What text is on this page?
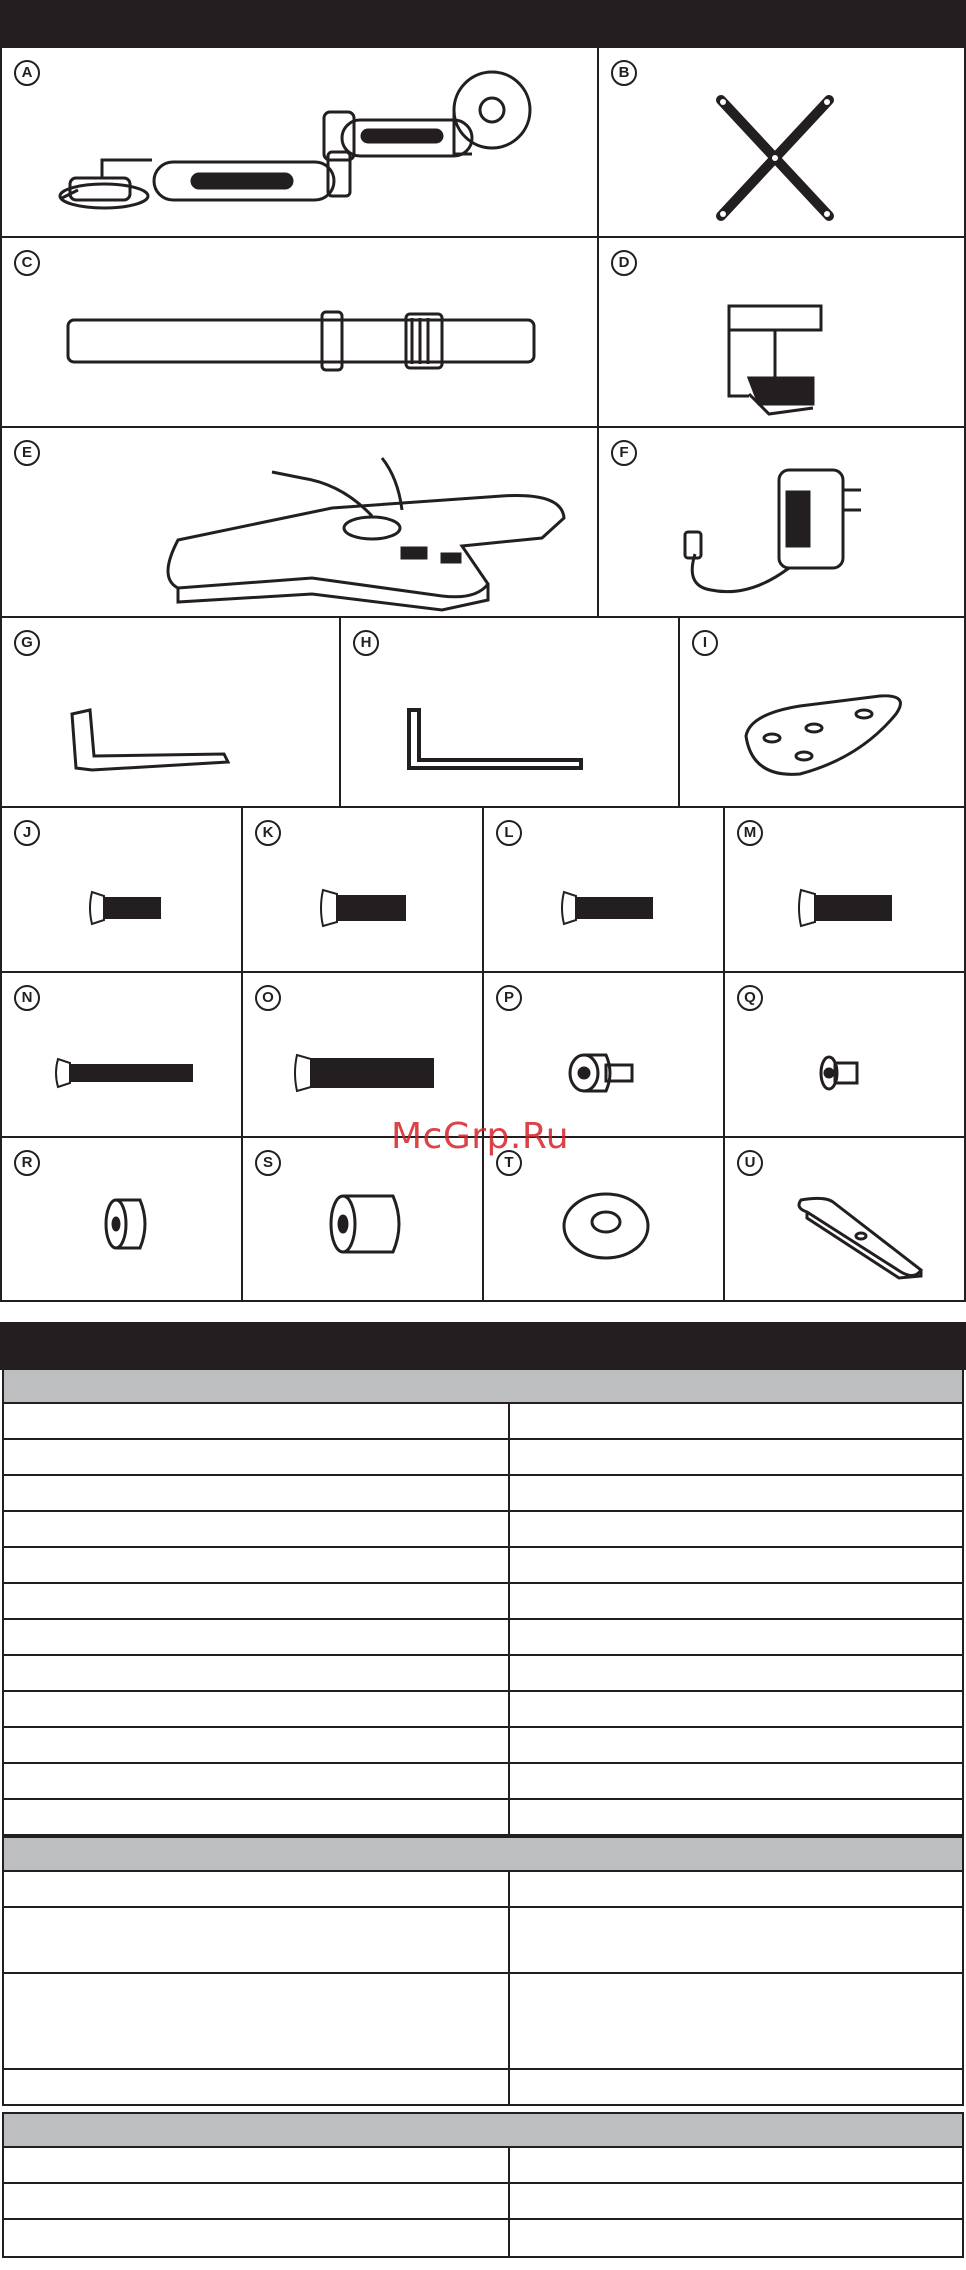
A	B
C	D
E	F
G	H	I
J	K	L	M
N	O	P	Q
R	S	T	U
McGrp.Ru
